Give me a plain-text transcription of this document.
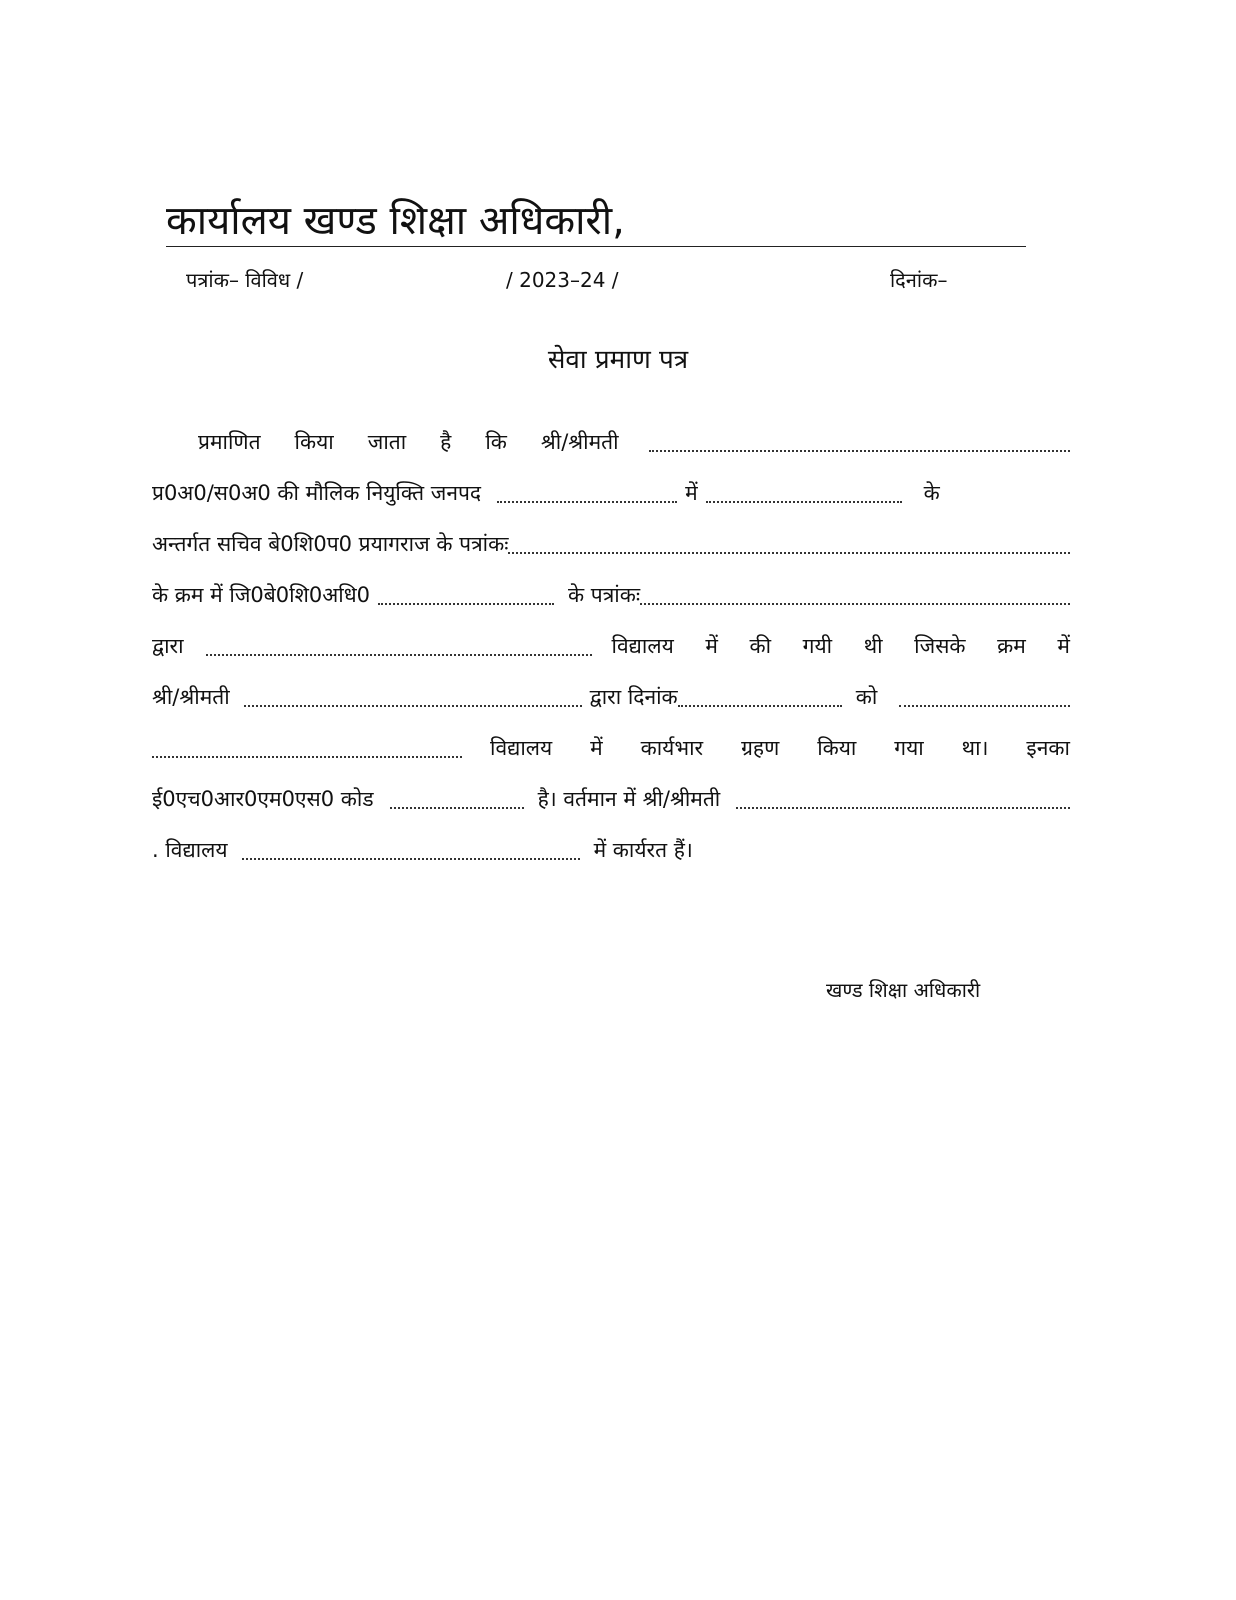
कार्यालय खण्ड शिक्षा अधिकारी,
पत्रांक– विविध /	/ 2023–24 /	दिनांक–
सेवा प्रमाण पत्र
प्रमाणित किया जाता है कि श्री/श्रीमती
प्र0अ0/स0अ0 की मौलिक नियुक्ति जनपद	में	के
अन्तर्गत सचिव बे0शि0प0 प्रयागराज के पत्रांकः
के क्रम में जि0बे0शि0अधि0	के पत्रांकः
द्वारा	विद्यालय में की गयी थी जिसके क्रम में
श्री/श्रीमती	द्वारा दिनांक	को
विद्यालय में कार्यभार ग्रहण किया गया था। इनका
ई0एच0आर0एम0एस0 कोड	है। वर्तमान में श्री/श्रीमती
. विद्यालय	में कार्यरत हैं।
खण्ड शिक्षा अधिकारी
